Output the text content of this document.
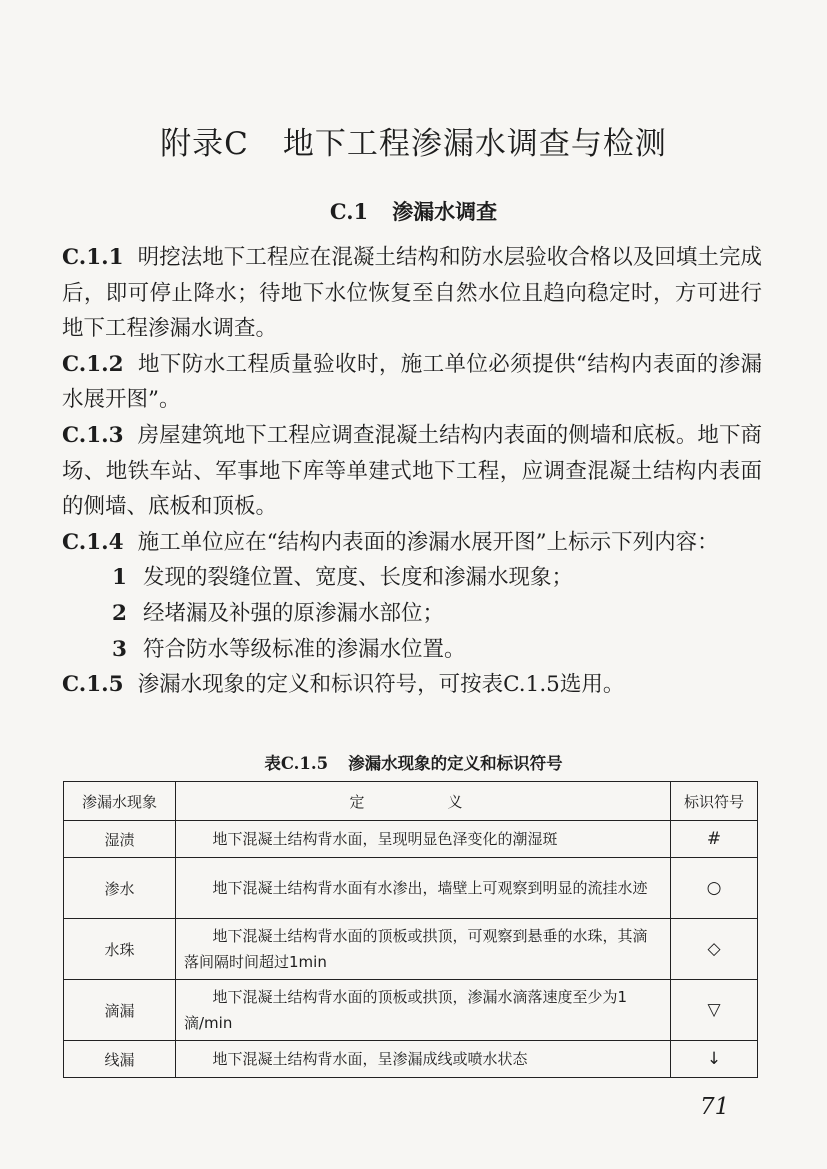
附录C 地下工程渗漏水调查与检测
C.1 渗漏水调查

C.1.1 明挖法地下工程应在混凝土结构和防水层验收合格以及回填土完成后，即可停止降水；待地下水位恢复至自然水位且趋向稳定时，方可进行地下工程渗漏水调查。

C.1.2 地下防水工程质量验收时，施工单位必须提供“结构内表面的渗漏水展开图”。

C.1.3 房屋建筑地下工程应调查混凝土结构内表面的侧墙和底板。地下商场、地铁车站、军事地下库等单建式地下工程，应调查混凝土结构内表面的侧墙、底板和顶板。

C.1.4 施工单位应在“结构内表面的渗漏水展开图”上标示下列内容：

1 发现的裂缝位置、宽度、长度和渗漏水现象；

2 经堵漏及补强的原渗漏水部位；

3 符合防水等级标准的渗漏水位置。

C.1.5 渗漏水现象的定义和标识符号，可按表C.1.5选用。

表C.1.5 渗漏水现象的定义和标识符号
渗漏水现象	定　义	标识符号
湿渍	地下混凝土结构背水面，呈现明显色泽变化的潮湿斑	#
渗水	地下混凝土结构背水面有水渗出，墙壁上可观察到明显的流挂水迹	○
水珠	地下混凝土结构背水面的顶板或拱顶，可观察到悬垂的水珠，其滴落间隔时间超过1min	◇
滴漏	地下混凝土结构背水面的顶板或拱顶，渗漏水滴落速度至少为1滴/min	▽
线漏	地下混凝土结构背水面，呈渗漏成线或喷水状态	↓
71
